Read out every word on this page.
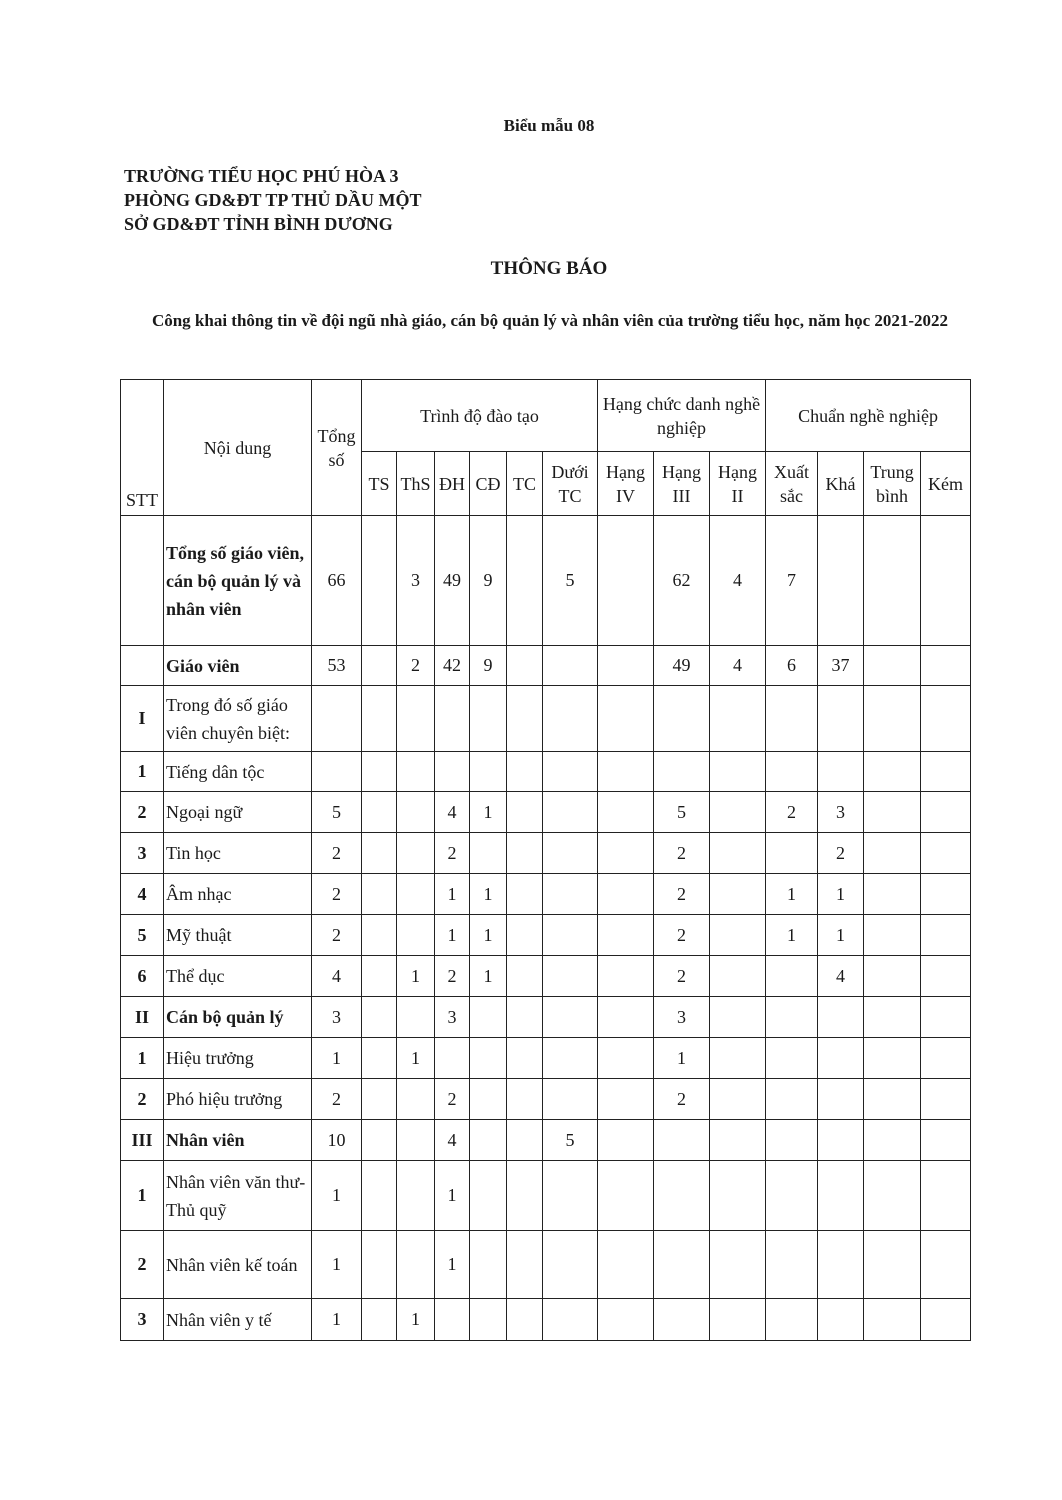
Biểu mẫu 08
TRƯỜNG TIỂU HỌC PHÚ HÒA 3
PHÒNG GD&ĐT TP THỦ DẦU MỘT
SỞ GD&ĐT TỈNH BÌNH DƯƠNG
THÔNG BÁO
Công khai thông tin về đội ngũ nhà giáo, cán bộ quản lý và nhân viên của trường tiểu học, năm học 2021-2022
STT	Nội dung	Tổng số	Trình độ đào tạo						Hạng chức danh nghề nghiệp			Chuẩn nghề nghiệp			
			TS	ThS	ĐH	CĐ	TC	Dưới TC	Hạng IV	Hạng III	Hạng II	Xuất sắc	Khá	Trung bình	Kém
	Tổng số giáo viên, cán bộ quản lý và nhân viên	66		3	49	9		5		62	4	7			
	Giáo viên	53		2	42	9				49	4	6	37		
I	Trong đó số giáo viên chuyên biệt:														
1	Tiếng dân tộc														
2	Ngoại ngữ	5			4	1				5		2	3		
3	Tin học	2			2					2			2		
4	Âm nhạc	2			1	1				2		1	1		
5	Mỹ thuật	2			1	1				2		1	1		
6	Thể dục	4		1	2	1				2			4		
II	Cán bộ quản lý	3			3					3					
1	Hiệu trưởng	1		1						1					
2	Phó hiệu trưởng	2			2					2					
III	Nhân viên	10			4			5							
1	Nhân viên văn thư- Thủ quỹ	1			1										
2	Nhân viên kế toán	1			1										
3	Nhân viên y tế	1		1											
